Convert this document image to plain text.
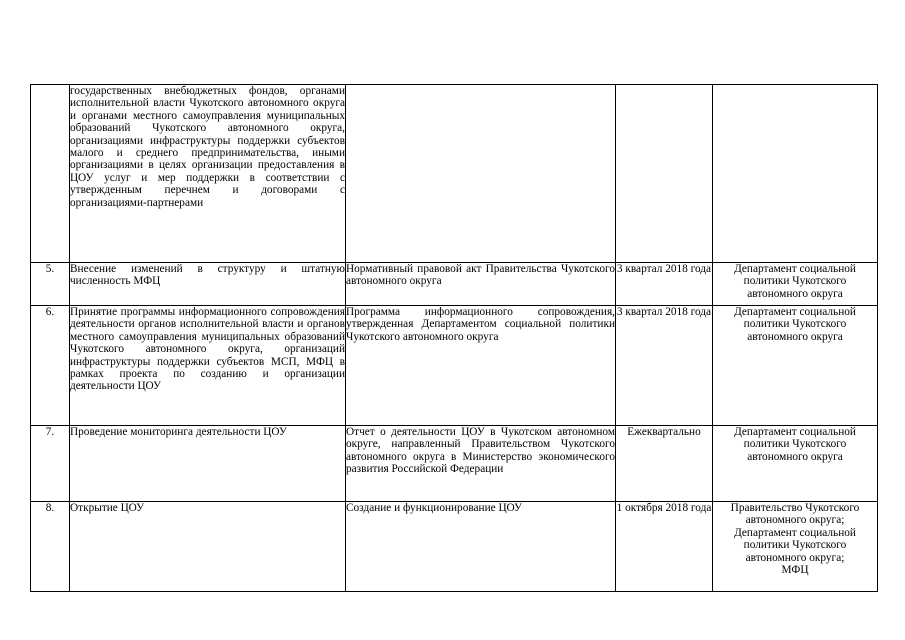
	государственных внебюджетных фондов, органами исполнительной власти Чукотского автономного округа и органами местного самоуправления муниципальных образований Чукотского автономного округа, организациями инфраструктуры поддержки субъектов малого и среднего предпринимательства, иными организациями в целях организации предоставления в ЦОУ услуг и мер поддержки в соответствии с утвержденным перечнем и договорами с организациями-партнерами			
5.	Внесение изменений в структуру и штатную численность МФЦ	Нормативный правовой акт Правительства Чукотского автономного округа	3 квартал 2018 года	Департамент социальной политики Чукотского автономного округа

6.	Принятие программы информационного сопровождения деятельности органов исполнительной власти и органов местного самоуправления муниципальных образований Чукотского автономного округа, организаций инфраструктуры поддержки субъектов МСП, МФЦ в рамках проекта по созданию и организации деятельности ЦОУ	Программа информационного сопровождения, утвержденная Департаментом социальной политики Чукотского автономного округа	3 квартал 2018 года	Департамент социальной политики Чукотского автономного округа

7.	Проведение мониторинга деятельности ЦОУ	Отчет о деятельности ЦОУ в Чукотском автономном округе, направленный Правительством Чукотского автономного округа в Министерство экономического развития Российской Федерации	Ежеквартально	Департамент социальной политики Чукотского автономного округа

8.	Открытие ЦОУ	Создание и функционирование ЦОУ	1 октября 2018 года	Правительство Чукотского автономного округа;
Департамент социальной политики Чукотского автономного округа;
МФЦ
